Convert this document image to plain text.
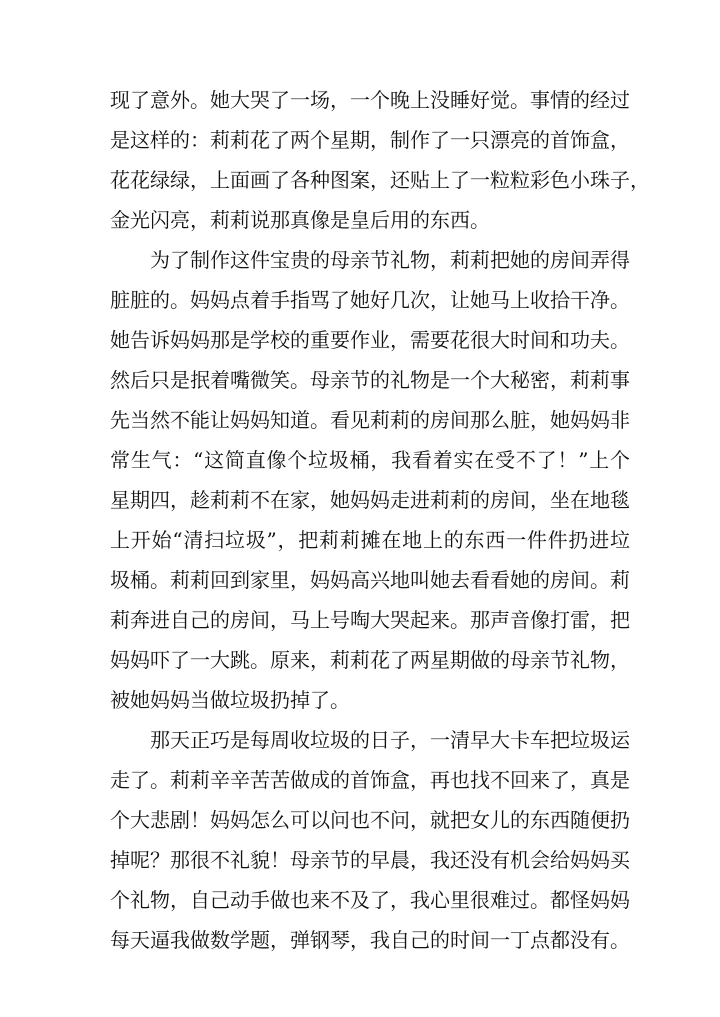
现了意外。她大哭了一场，一个晚上没睡好觉。事情的经过
是这样的：莉莉花了两个星期，制作了一只漂亮的首饰盒，
花花绿绿，上面画了各种图案，还贴上了一粒粒彩色小珠子，
金光闪亮，莉莉说那真像是皇后用的东西。
为了制作这件宝贵的母亲节礼物，莉莉把她的房间弄得
脏脏的。妈妈点着手指骂了她好几次，让她马上收拾干净。
她告诉妈妈那是学校的重要作业，需要花很大时间和功夫。
然后只是抿着嘴微笑。母亲节的礼物是一个大秘密，莉莉事
先当然不能让妈妈知道。看见莉莉的房间那么脏，她妈妈非
常生气：“这简直像个垃圾桶，我看着实在受不了！”上个
星期四，趁莉莉不在家，她妈妈走进莉莉的房间，坐在地毯
上开始“清扫垃圾”，把莉莉摊在地上的东西一件件扔进垃
圾桶。莉莉回到家里，妈妈高兴地叫她去看看她的房间。莉
莉奔进自己的房间，马上号啕大哭起来。那声音像打雷，把
妈妈吓了一大跳。原来，莉莉花了两星期做的母亲节礼物，
被她妈妈当做垃圾扔掉了。
那天正巧是每周收垃圾的日子，一清早大卡车把垃圾运
走了。莉莉辛辛苦苦做成的首饰盒，再也找不回来了，真是
个大悲剧！妈妈怎么可以问也不问，就把女儿的东西随便扔
掉呢？那很不礼貌！母亲节的早晨，我还没有机会给妈妈买
个礼物，自己动手做也来不及了，我心里很难过。都怪妈妈
每天逼我做数学题，弹钢琴，我自己的时间一丁点都没有。
